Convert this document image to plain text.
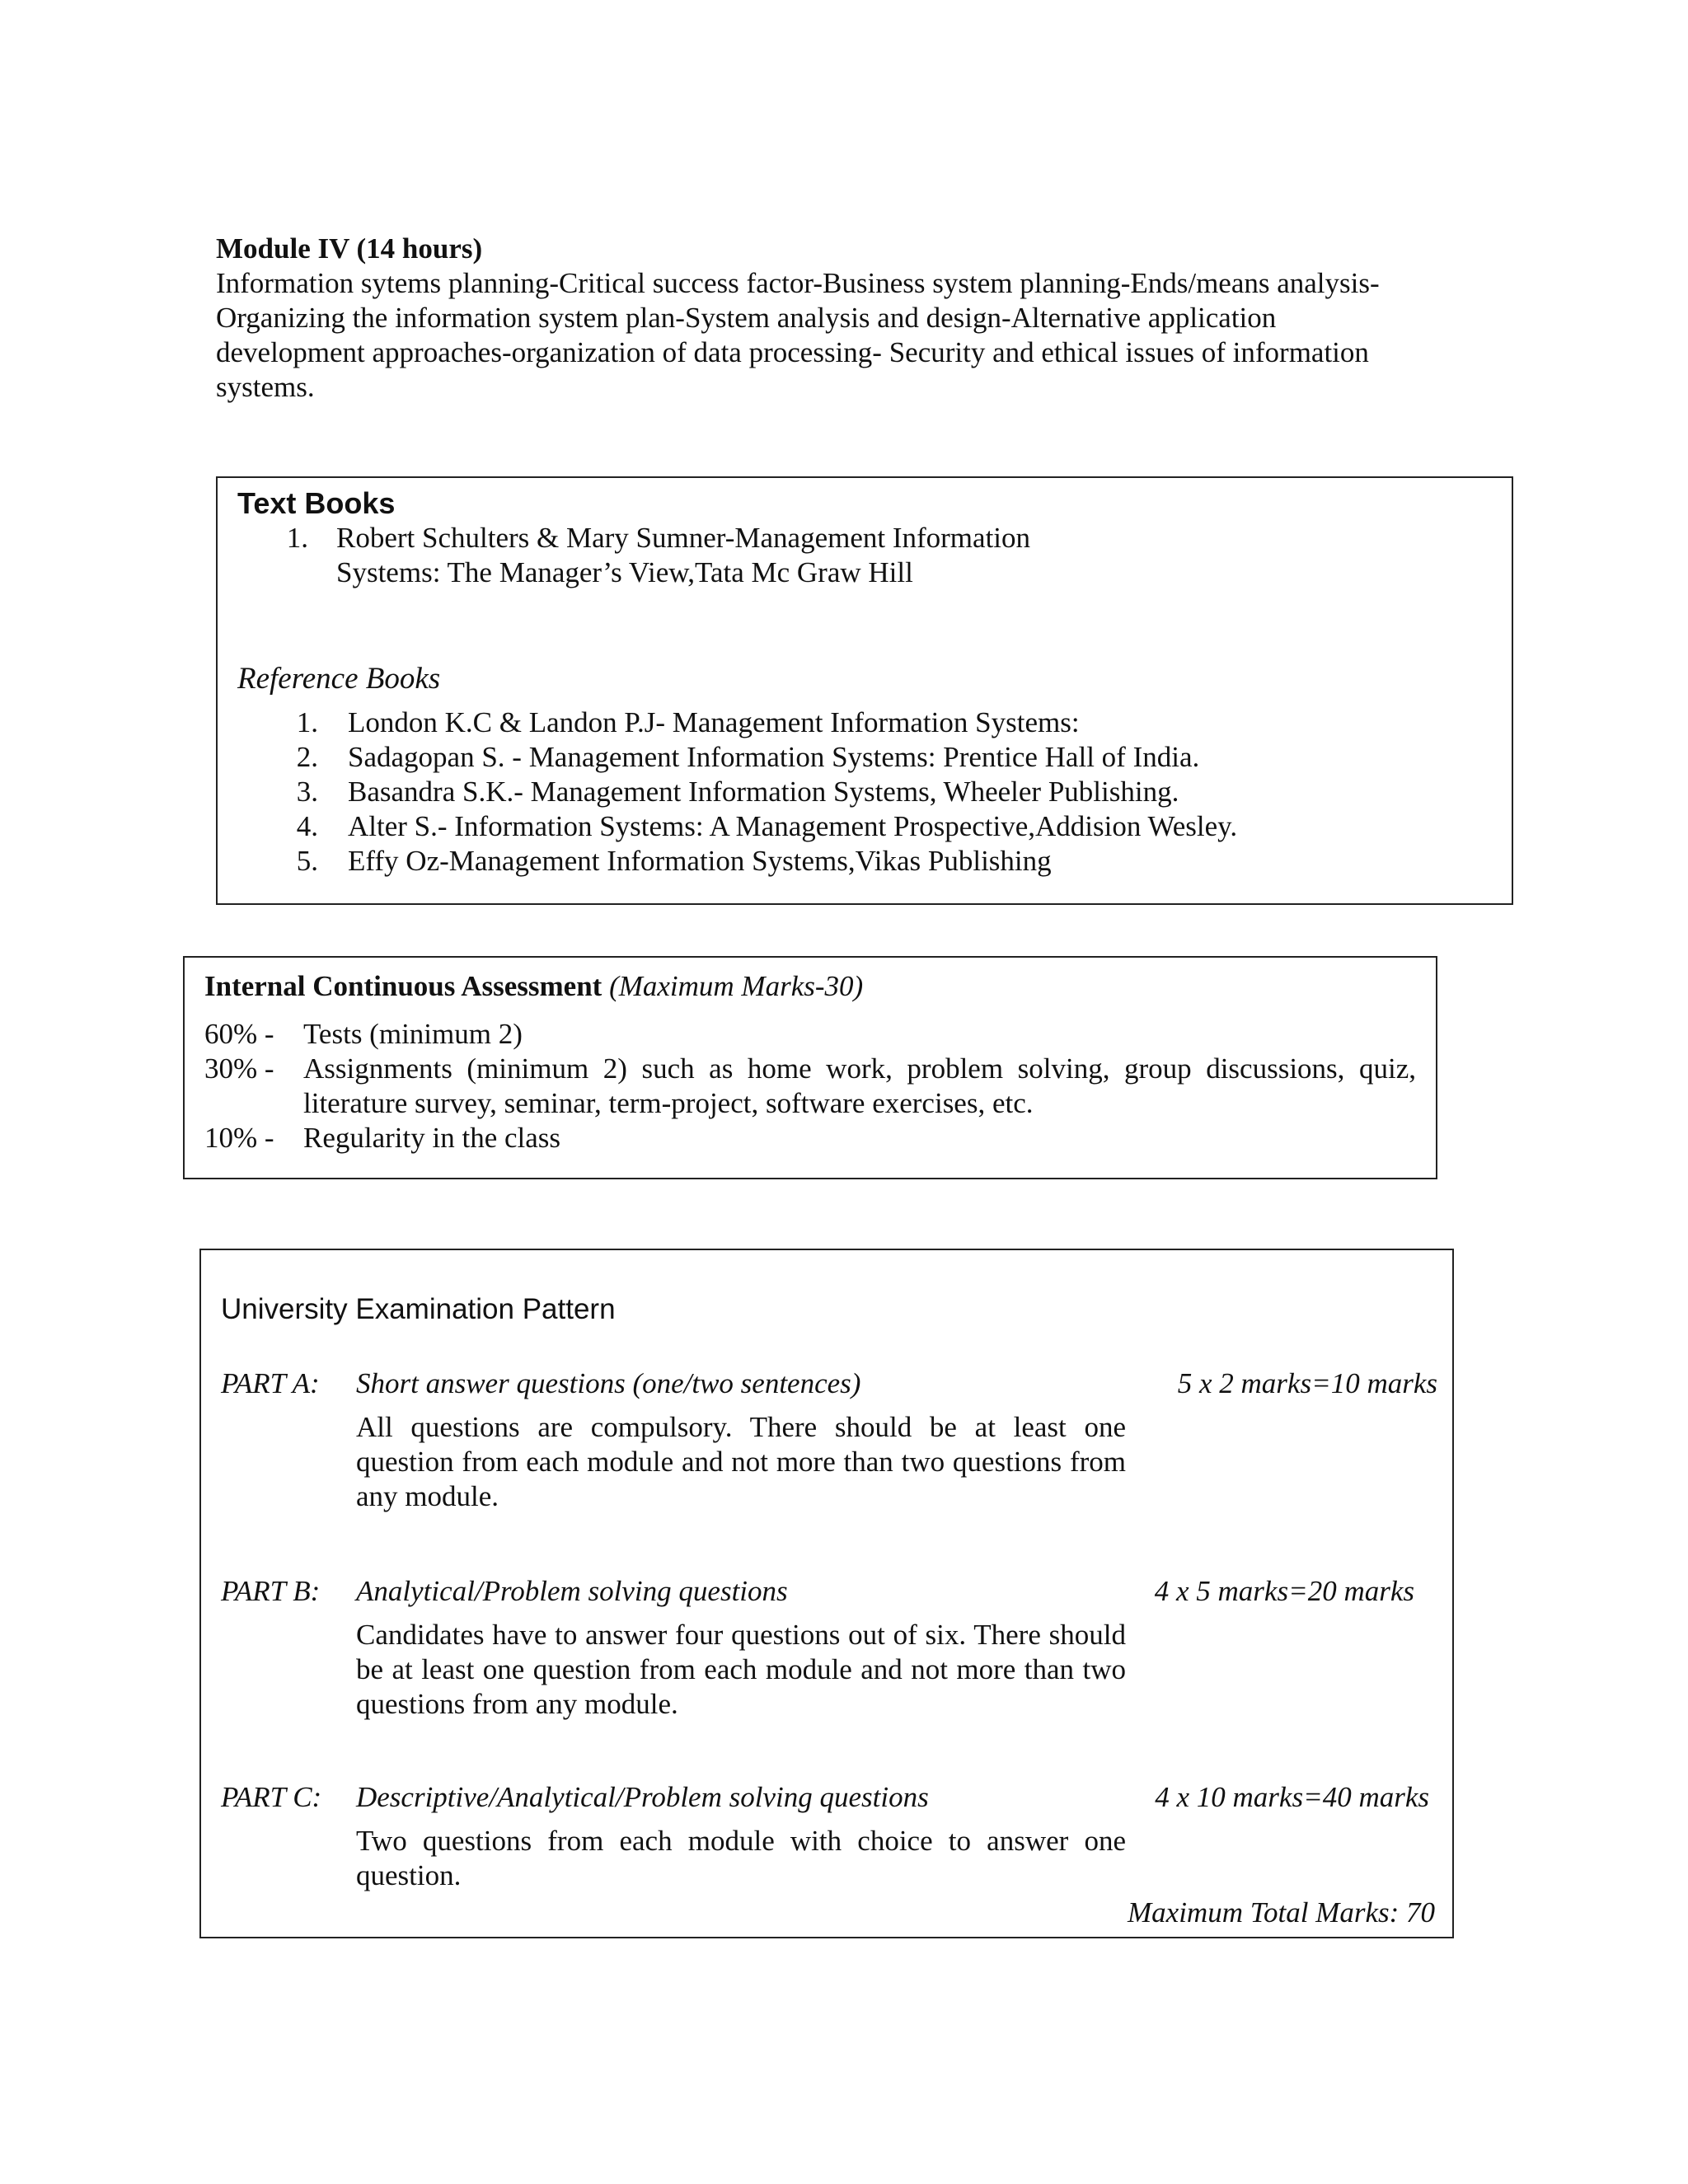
Module IV (14 hours)
Information sytems planning-Critical success factor-Business system planning-Ends/means analysis-
Organizing the information system plan-System analysis and design-Alternative application
development approaches-organization of data processing- Security and ethical issues of information
systems.
Text Books
1. Robert Schulters & Mary Sumner-Management Information
Systems: The Manager’s View,Tata Mc Graw Hill
Reference Books
1. London K.C & Landon P.J- Management Information Systems:
2. Sadagopan S. - Management Information Systems: Prentice Hall of India.
3. Basandra S.K.- Management Information Systems, Wheeler Publishing.
4. Alter S.- Information Systems: A Management Prospective,Addision Wesley.
5. Effy Oz-Management Information Systems,Vikas Publishing
Internal Continuous Assessment (Maximum Marks-30)
60% - Tests (minimum 2)
30% - Assignments (minimum 2) such as home work, problem solving, group discussions, quiz, literature survey, seminar, term-project, software exercises, etc.
10% - Regularity in the class
University Examination Pattern
PART A: Short answer questions (one/two sentences)	5 x 2 marks=10 marks
All questions are compulsory. There should be at least one question from each module and not more than two questions from any module.
PART B: Analytical/Problem solving questions	4 x 5 marks=20 marks
Candidates have to answer four questions out of six. There should be at least one question from each module and not more than two questions from any module.
PART C: Descriptive/Analytical/Problem solving questions	4 x 10 marks=40 marks
Two questions from each module with choice to answer one question.
Maximum Total Marks: 70
